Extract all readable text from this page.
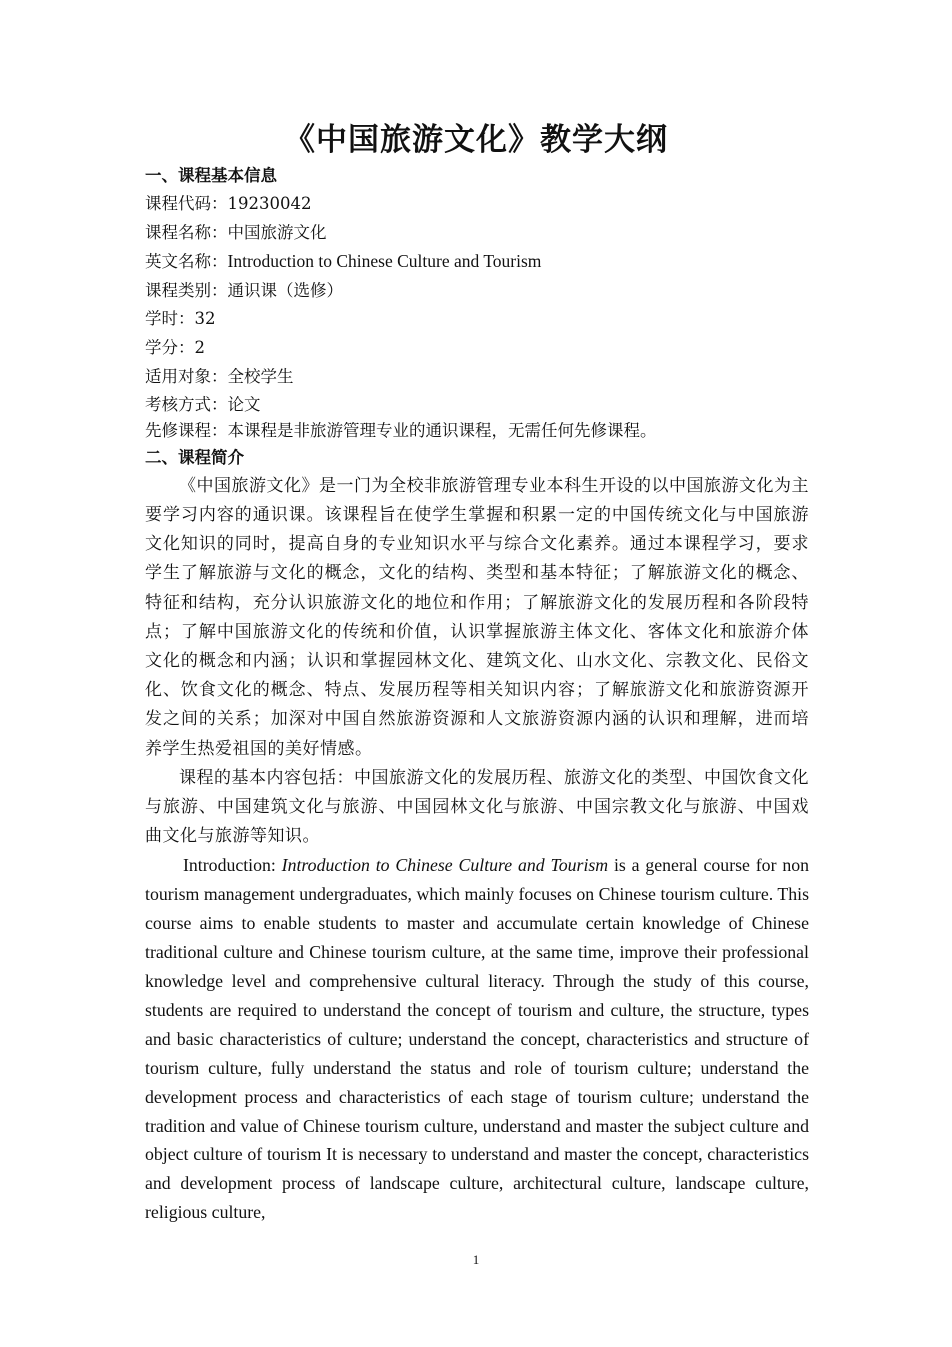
《中国旅游文化》教学大纲

一、课程基本信息

课程代码：19230042

课程名称：中国旅游文化

英文名称：Introduction to Chinese Culture and Tourism

课程类别：通识课（选修）

学时：32

学分：2

适用对象：全校学生

考核方式：论文

先修课程：本课程是非旅游管理专业的通识课程，无需任何先修课程。

二、课程简介

《中国旅游文化》是一门为全校非旅游管理专业本科生开设的以中国旅游文化为主要学习内容的通识课。该课程旨在使学生掌握和积累一定的中国传统文化与中国旅游文化知识的同时，提高自身的专业知识水平与综合文化素养。通过本课程学习，要求学生了解旅游与文化的概念，文化的结构、类型和基本特征；了解旅游文化的概念、特征和结构，充分认识旅游文化的地位和作用；了解旅游文化的发展历程和各阶段特点；了解中国旅游文化的传统和价值，认识掌握旅游主体文化、客体文化和旅游介体文化的概念和内涵；认识和掌握园林文化、建筑文化、山水文化、宗教文化、民俗文化、饮食文化的概念、特点、发展历程等相关知识内容；了解旅游文化和旅游资源开发之间的关系；加深对中国自然旅游资源和人文旅游资源内涵的认识和理解，进而培养学生热爱祖国的美好情感。

课程的基本内容包括：中国旅游文化的发展历程、旅游文化的类型、中国饮食文化与旅游、中国建筑文化与旅游、中国园林文化与旅游、中国宗教文化与旅游、中国戏曲文化与旅游等知识。

Introduction: Introduction to Chinese Culture and Tourism is a general course for non tourism management undergraduates, which mainly focuses on Chinese tourism culture. This course aims to enable students to master and accumulate certain knowledge of Chinese traditional culture and Chinese tourism culture, at the same time, improve their professional knowledge level and comprehensive cultural literacy. Through the study of this course, students are required to understand the concept of tourism and culture, the structure, types and basic characteristics of culture; understand the concept, characteristics and structure of tourism culture, fully understand the status and role of tourism culture; understand the development process and characteristics of each stage of tourism culture; understand the tradition and value of Chinese tourism culture, understand and master the subject culture and object culture of tourism It is necessary to understand and master the concept, characteristics and development process of landscape culture, architectural culture, landscape culture, religious culture,

1
